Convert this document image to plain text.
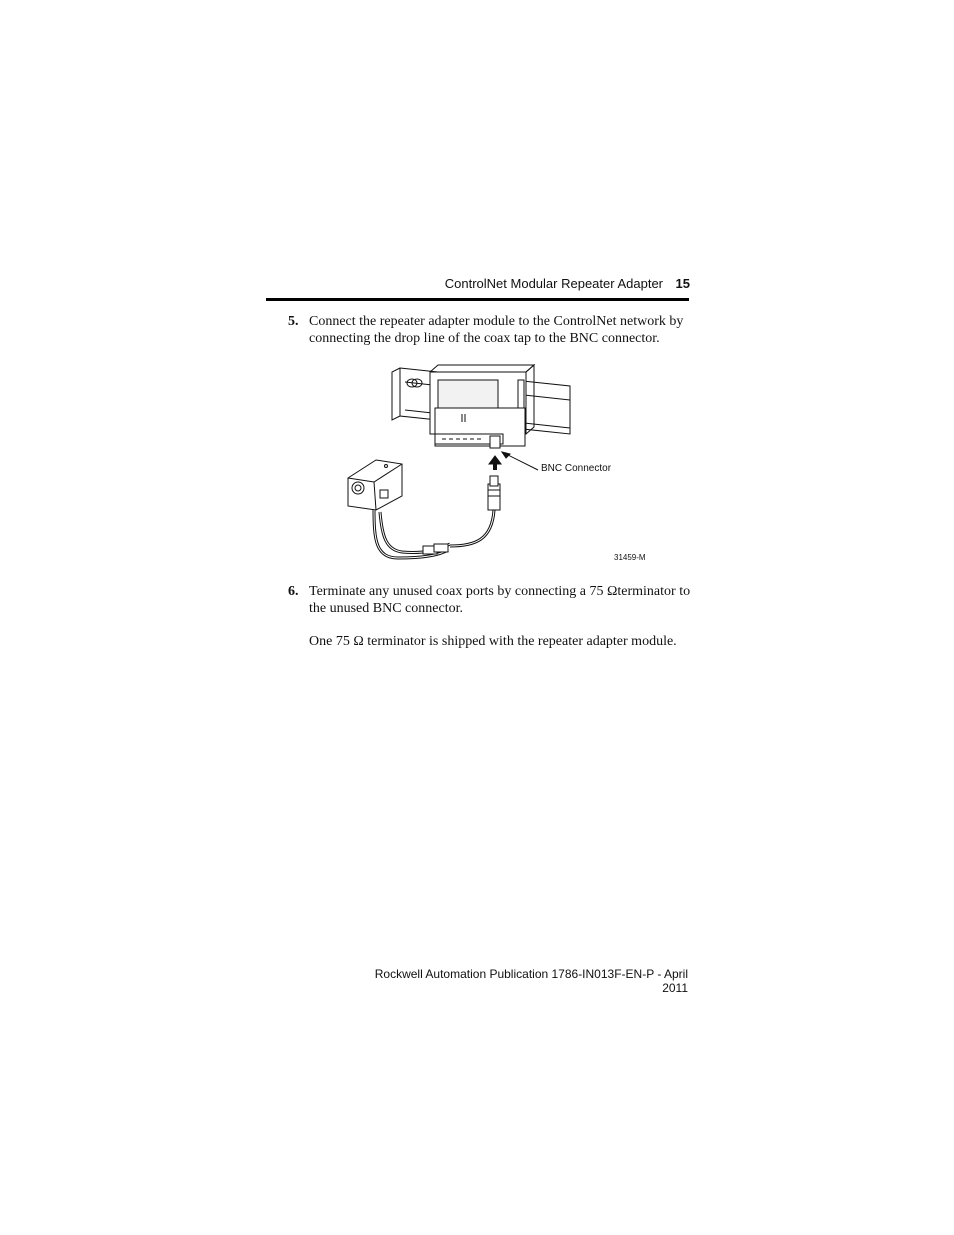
ControlNet Modular Repeater Adapter 15
5. Connect the repeater adapter module to the ControlNet network by connecting the drop line of the coax tap to the BNC connector.
BNC Connector
31459-M
6. Terminate any unused coax ports by connecting a 75 Ωterminator to the unused BNC connector.
One 75 Ω terminator is shipped with the repeater adapter module.
Rockwell Automation Publication 1786-IN013F-EN-P - April 2011
